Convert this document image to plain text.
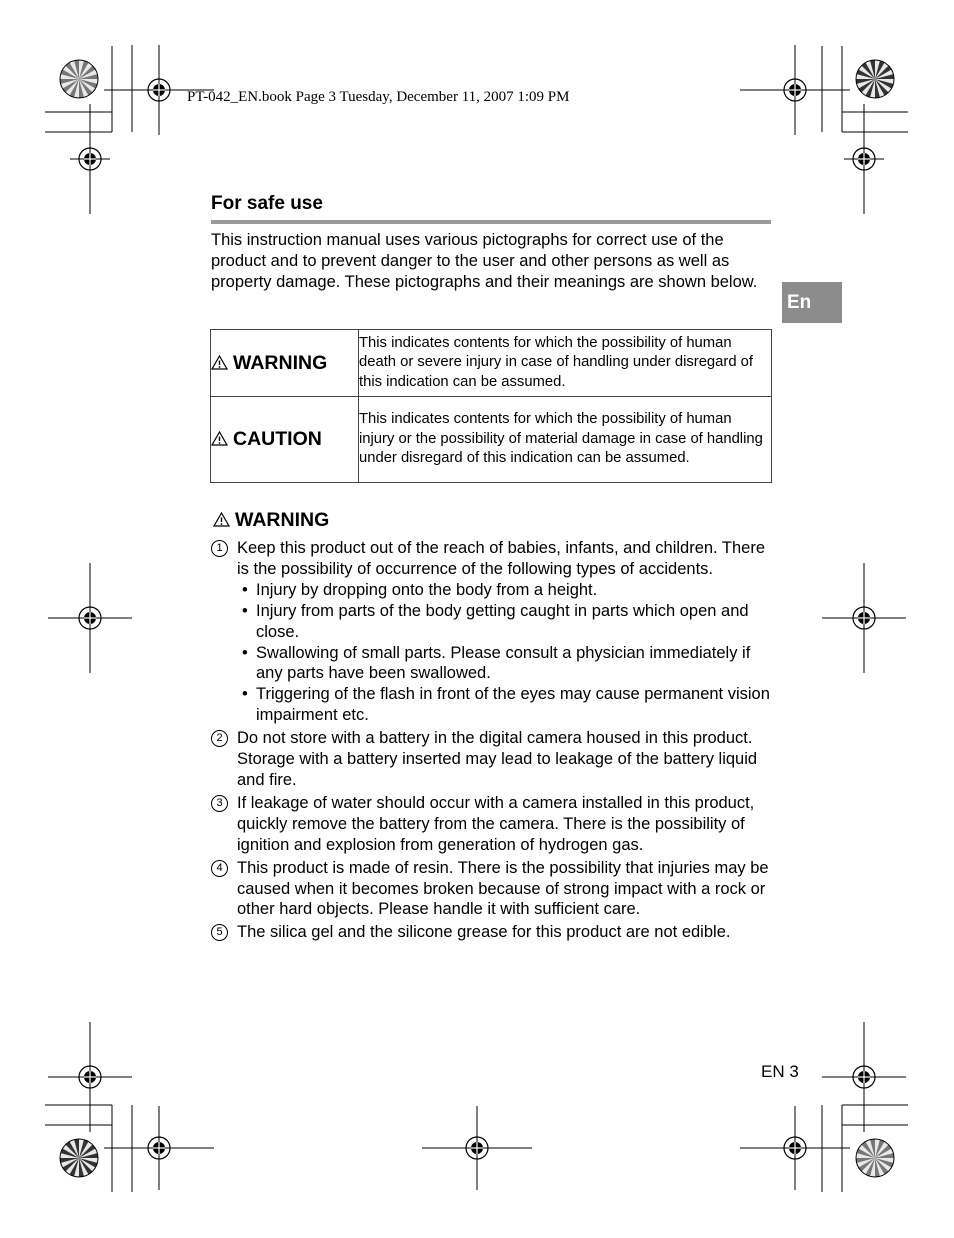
PT-042_EN.book Page 3 Tuesday, December 11, 2007 1:09 PM
For safe use
This instruction manual uses various pictographs for correct use of the product and to prevent danger to the user and other persons as well as property damage. These pictographs and their meanings are shown below.
En
WARNING	This indicates contents for which the possibility of human death or severe injury in case of handling under disregard of this indication can be assumed.
CAUTION	This indicates contents for which the possibility of human injury or the possibility of material damage in case of handling under disregard of this indication can be assumed.
WARNING
1 Keep this product out of the reach of babies, infants, and children. There is the possibility of occurrence of the following types of accidents.
• Injury by dropping onto the body from a height.
• Injury from parts of the body getting caught in parts which open and close.
• Swallowing of small parts. Please consult a physician immediately if any parts have been swallowed.
• Triggering of the flash in front of the eyes may cause permanent vision impairment etc.
2 Do not store with a battery in the digital camera housed in this product. Storage with a battery inserted may lead to leakage of the battery liquid and fire.
3 If leakage of water should occur with a camera installed in this product, quickly remove the battery from the camera. There is the possibility of ignition and explosion from generation of hydrogen gas.
4 This product is made of resin. There is the possibility that injuries may be caused when it becomes broken because of strong impact with a rock or other hard objects. Please handle it with sufficient care.
5 The silica gel and the silicone grease for this product are not edible.
EN 3
